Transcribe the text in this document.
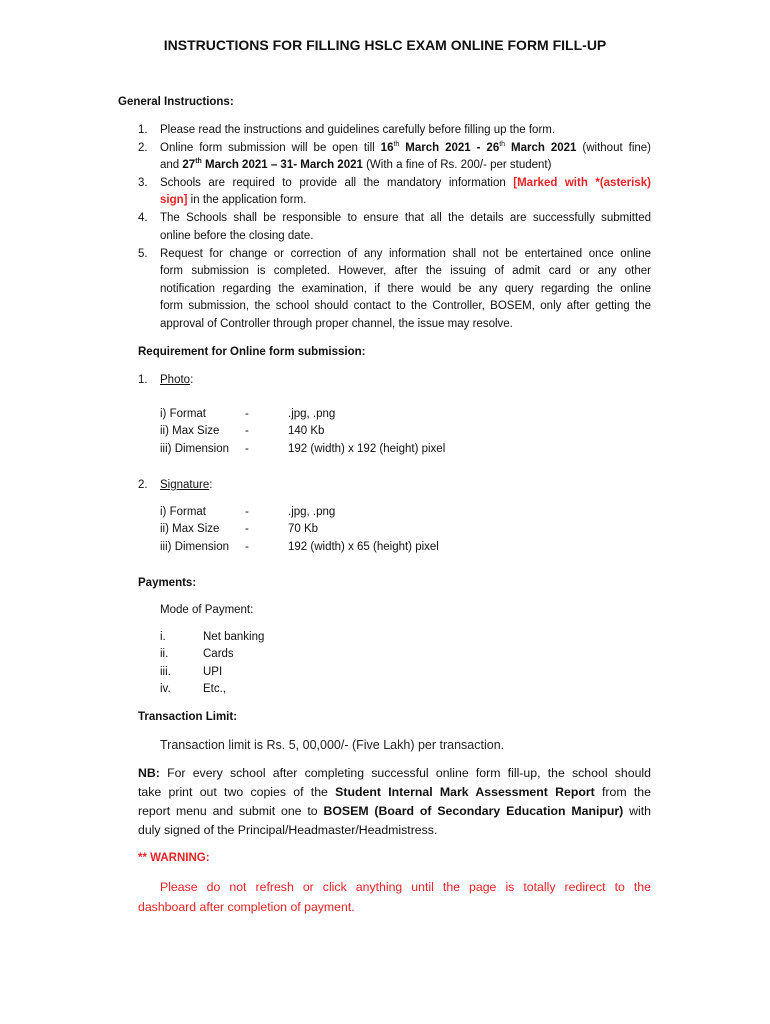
INSTRUCTIONS FOR FILLING HSLC EXAM ONLINE FORM FILL-UP
General Instructions:
1. Please read the instructions and guidelines carefully before filling up the form.
2. Online form submission will be open till 16th March 2021 - 26th March 2021 (without fine)
and 27th March 2021 – 31- March 2021 (With a fine of Rs. 200/- per student)
3. Schools are required to provide all the mandatory information [Marked with *(asterisk)
sign] in the application form.
4. The Schools shall be responsible to ensure that all the details are successfully submitted
online before the closing date.
5. Request for change or correction of any information shall not be entertained once online
form submission is completed. However, after the issuing of admit card or any other
notification regarding the examination, if there would be any query regarding the online
form submission, the school should contact to the Controller, BOSEM, only after getting the
approval of Controller through proper channel, the issue may resolve.
Requirement for Online form submission:
1. Photo:
i) Format	-	.jpg, .png
ii) Max Size -	140 Kb
iii) Dimension -	192 (width) x 192 (height) pixel
2. Signature:
i) Format	-	.jpg, .png
ii) Max Size -	70 Kb
iii) Dimension -	192 (width) x 65 (height) pixel
Payments:
Mode of Payment:
i.	Net banking
ii.	Cards
iii.	UPI
iv.	Etc.,
Transaction Limit:
Transaction limit is Rs. 5, 00,000/- (Five Lakh) per transaction.
NB: For every school after completing successful online form fill-up, the school should
take print out two copies of the Student Internal Mark Assessment Report from the
report menu and submit one to BOSEM (Board of Secondary Education Manipur) with
duly signed of the Principal/Headmaster/Headmistress.
** WARNING:
Please do not refresh or click anything until the page is totally redirect to the
dashboard after completion of payment.
